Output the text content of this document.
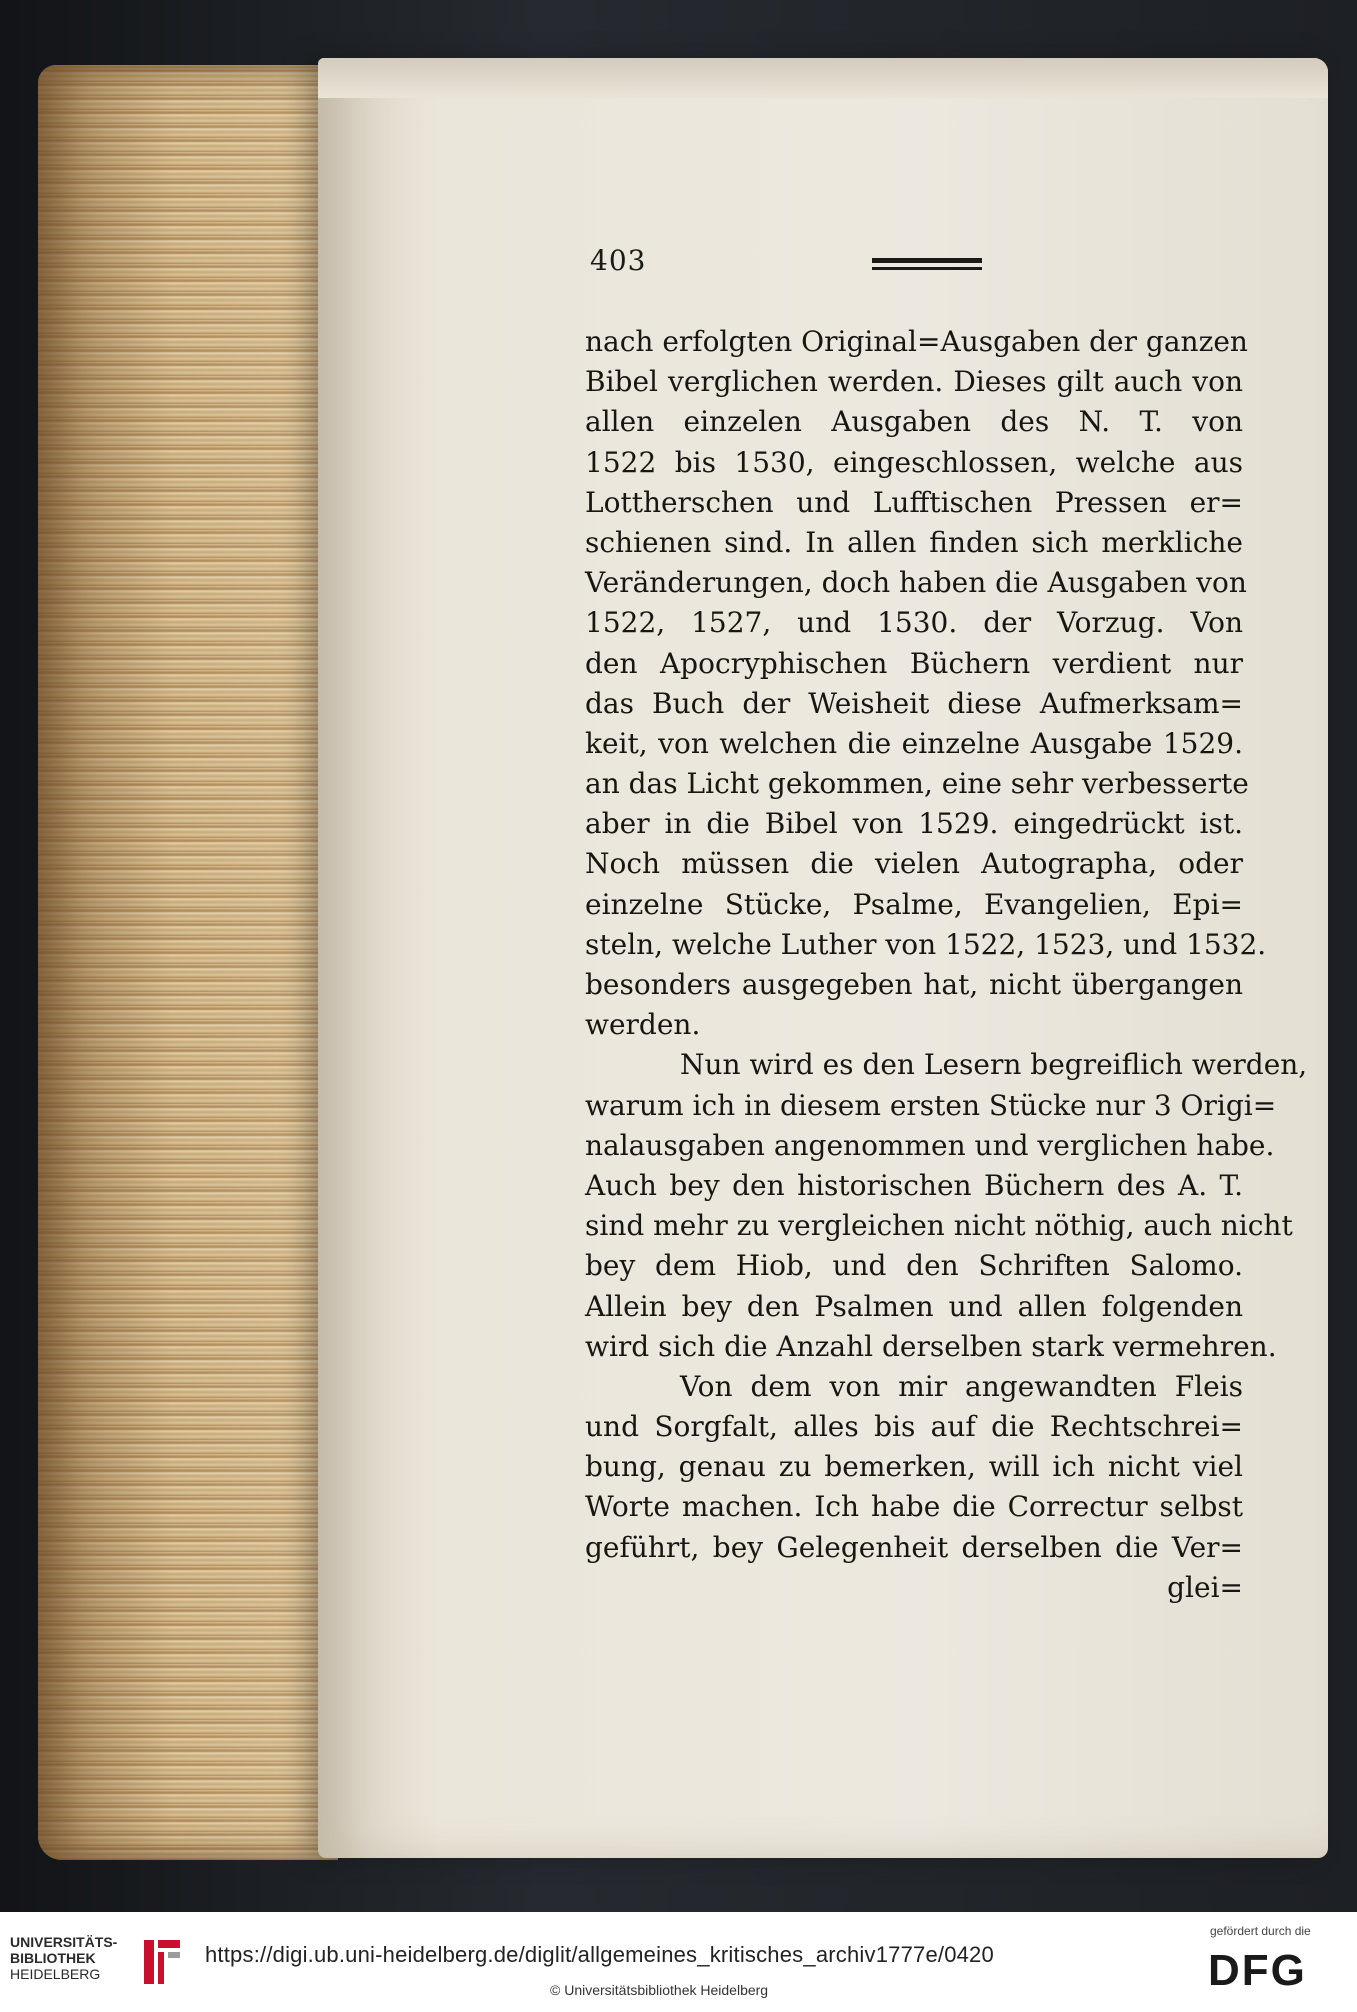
403
nach erfolgten Original=Ausgaben der ganzen
Bibel verglichen werden. Dieses gilt auch von
allen einzelen Ausgaben des N. T. von
1522 bis 1530, eingeschlossen, welche aus
Lottherschen und Lufftischen Pressen er=
schienen sind. In allen finden sich merkliche
Veränderungen, doch haben die Ausgaben von
1522, 1527, und 1530. der Vorzug. Von
den Apocryphischen Büchern verdient nur
das Buch der Weisheit diese Aufmerksam=
keit, von welchen die einzelne Ausgabe 1529.
an das Licht gekommen, eine sehr verbesserte
aber in die Bibel von 1529. eingedrückt ist.
Noch müssen die vielen Autographa, oder
einzelne Stücke, Psalme, Evangelien, Epi=
steln, welche Luther von 1522, 1523, und 1532.
besonders ausgegeben hat, nicht übergangen
werden.
Nun wird es den Lesern begreiflich werden,
warum ich in diesem ersten Stücke nur 3 Origi=
nalausgaben angenommen und verglichen habe.
Auch bey den historischen Büchern des A. T.
sind mehr zu vergleichen nicht nöthig, auch nicht
bey dem Hiob, und den Schriften Salomo.
Allein bey den Psalmen und allen folgenden
wird sich die Anzahl derselben stark vermehren.
Von dem von mir angewandten Fleis
und Sorgfalt, alles bis auf die Rechtschrei=
bung, genau zu bemerken, will ich nicht viel
Worte machen. Ich habe die Correctur selbst
geführt, bey Gelegenheit derselben die Ver=
glei=
UNIVERSITÄTS-
BIBLIOTHEK
HEIDELBERG
https://digi.ub.uni-heidelberg.de/diglit/allgemeines_kritisches_archiv1777e/0420
© Universitätsbibliothek Heidelberg
gefördert durch die
DFG
